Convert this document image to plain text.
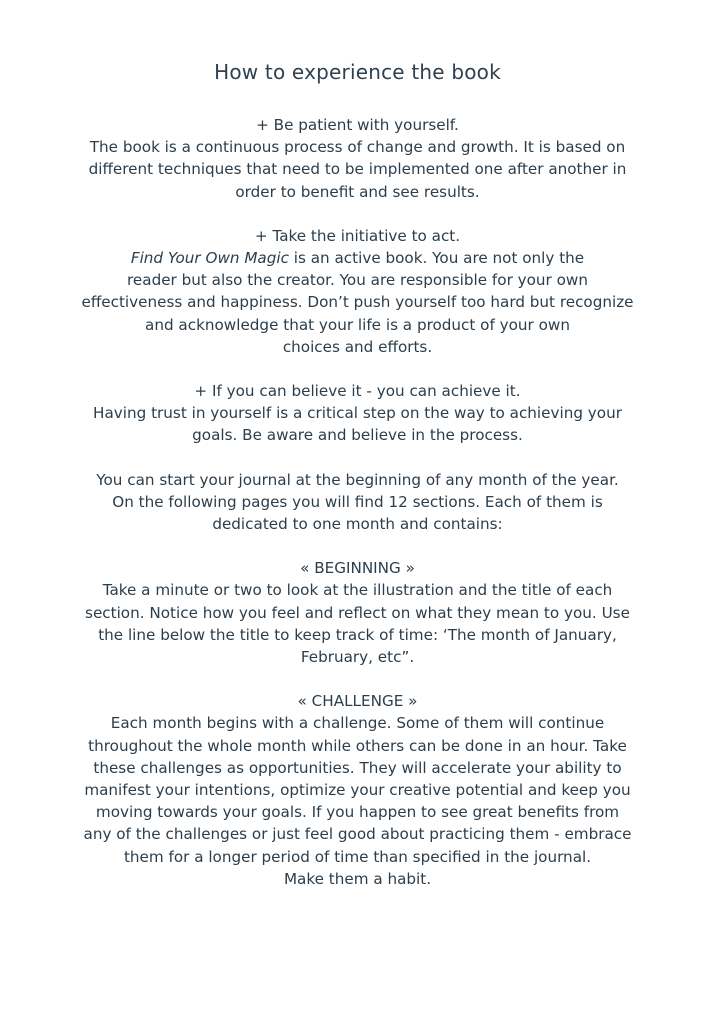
How to experience the book
+ Be patient with yourself.
The book is a continuous process of change and growth. It is based on
different techniques that need to be implemented one after another in
order to benefit and see results.
+ Take the initiative to act.
Find Your Own Magic is an active book. You are not only the
reader but also the creator. You are responsible for your own
effectiveness and happiness. Don’t push yourself too hard but recognize
and acknowledge that your life is a product of your own
choices and efforts.
+ If you can believe it - you can achieve it.
Having trust in yourself is a critical step on the way to achieving your
goals. Be aware and believe in the process.
You can start your journal at the beginning of any month of the year.
On the following pages you will find 12 sections. Each of them is
dedicated to one month and contains:
« BEGINNING »
Take a minute or two to look at the illustration and the title of each
section. Notice how you feel and reflect on what they mean to you. Use
the line below the title to keep track of time: ‘The month of January,
February, etc”.
« CHALLENGE »
Each month begins with a challenge. Some of them will continue
throughout the whole month while others can be done in an hour. Take
these challenges as opportunities. They will accelerate your ability to
manifest your intentions, optimize your creative potential and keep you
moving towards your goals. If you happen to see great benefits from
any of the challenges or just feel good about practicing them - embrace
them for a longer period of time than specified in the journal.
Make them a habit.
